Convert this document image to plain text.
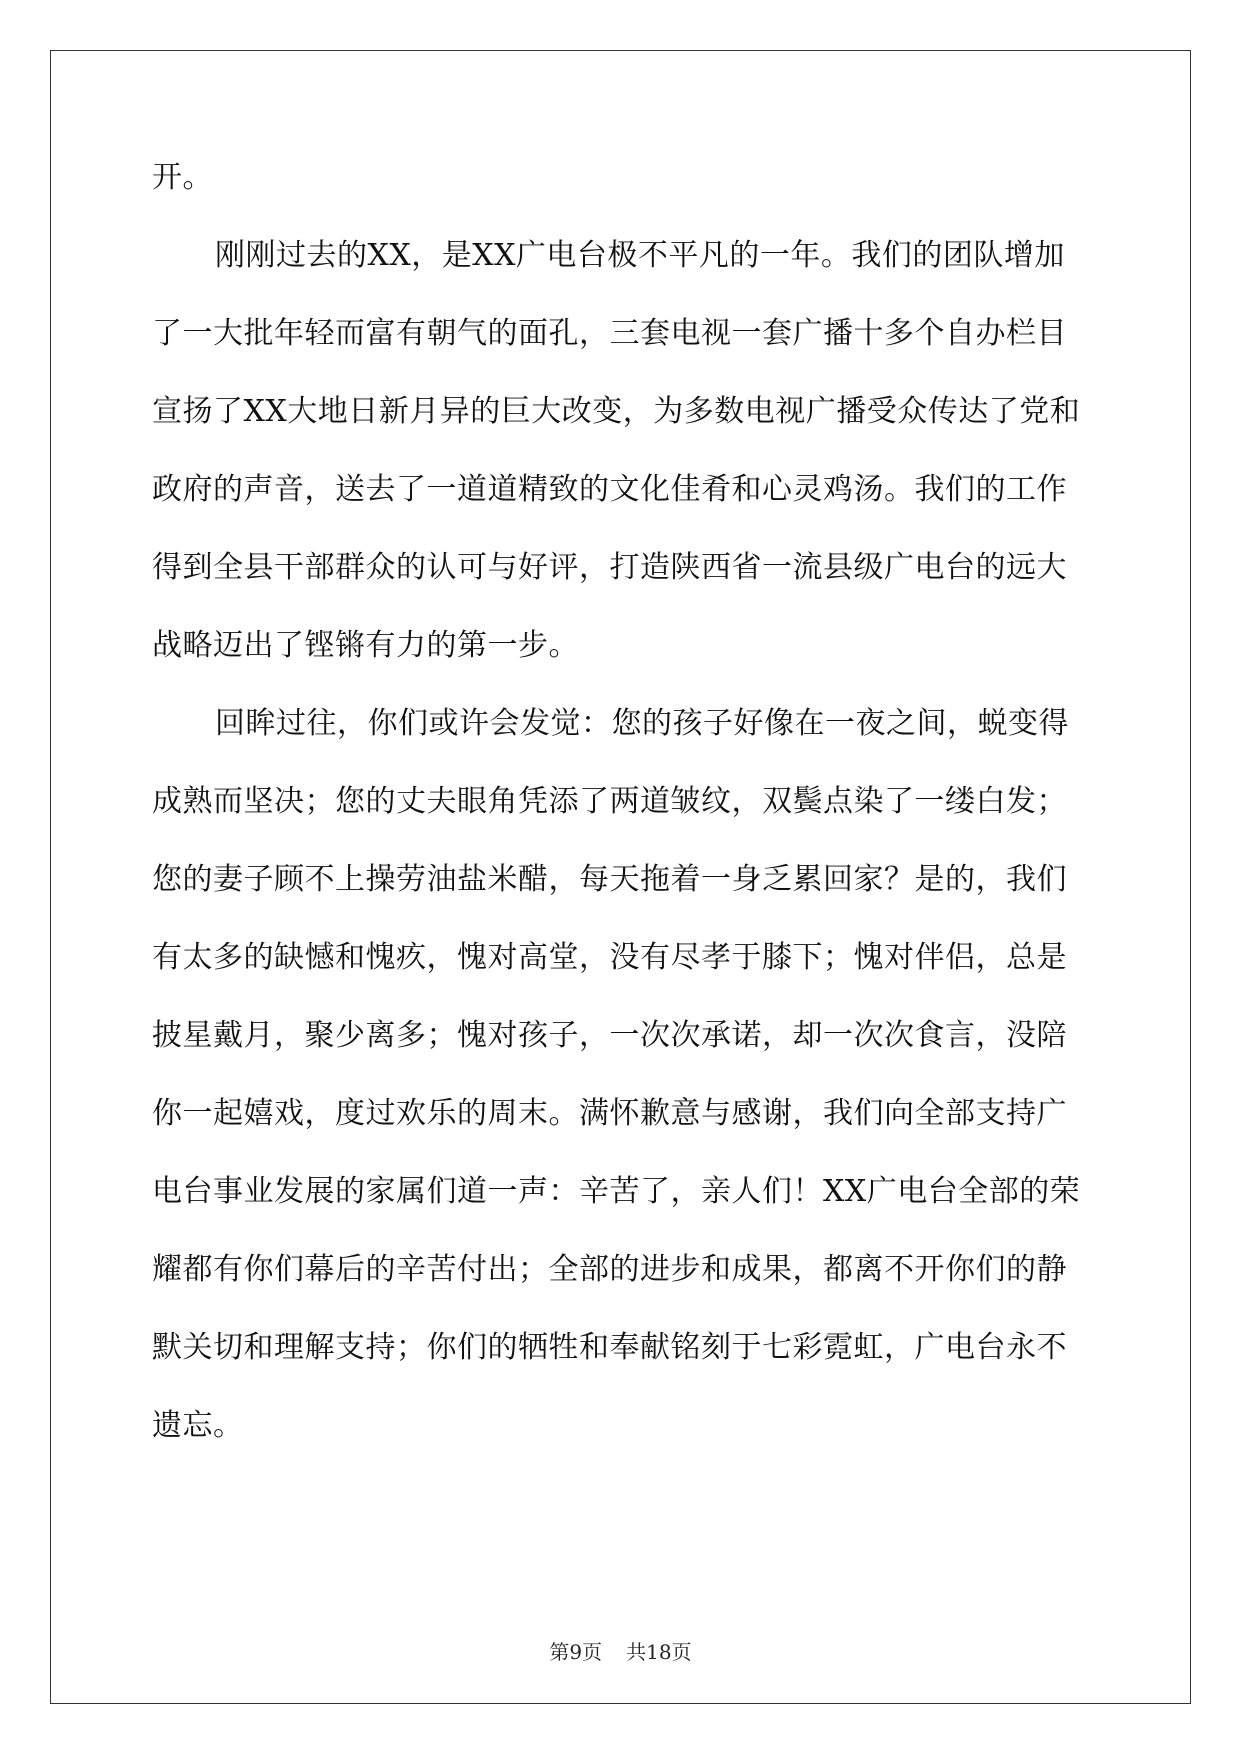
开。
刚刚过去的XX，是XX广电台极不平凡的一年。我们的团队增加
了一大批年轻而富有朝气的面孔，三套电视一套广播十多个自办栏目
宣扬了XX大地日新月异的巨大改变，为多数电视广播受众传达了党和
政府的声音，送去了一道道精致的文化佳肴和心灵鸡汤。我们的工作
得到全县干部群众的认可与好评，打造陕西省一流县级广电台的远大
战略迈出了铿锵有力的第一步。
回眸过往，你们或许会发觉：您的孩子好像在一夜之间，蜕变得
成熟而坚决；您的丈夫眼角凭添了两道皱纹，双鬓点染了一缕白发；
您的妻子顾不上操劳油盐米醋，每天拖着一身乏累回家？是的，我们
有太多的缺憾和愧疚，愧对高堂，没有尽孝于膝下；愧对伴侣，总是
披星戴月，聚少离多；愧对孩子，一次次承诺，却一次次食言，没陪
你一起嬉戏，度过欢乐的周末。满怀歉意与感谢，我们向全部支持广
电台事业发展的家属们道一声：辛苦了，亲人们！XX广电台全部的荣
耀都有你们幕后的辛苦付出；全部的进步和成果，都离不开你们的静
默关切和理解支持；你们的牺牲和奉献铭刻于七彩霓虹，广电台永不
遗忘。
第9页 共18页
